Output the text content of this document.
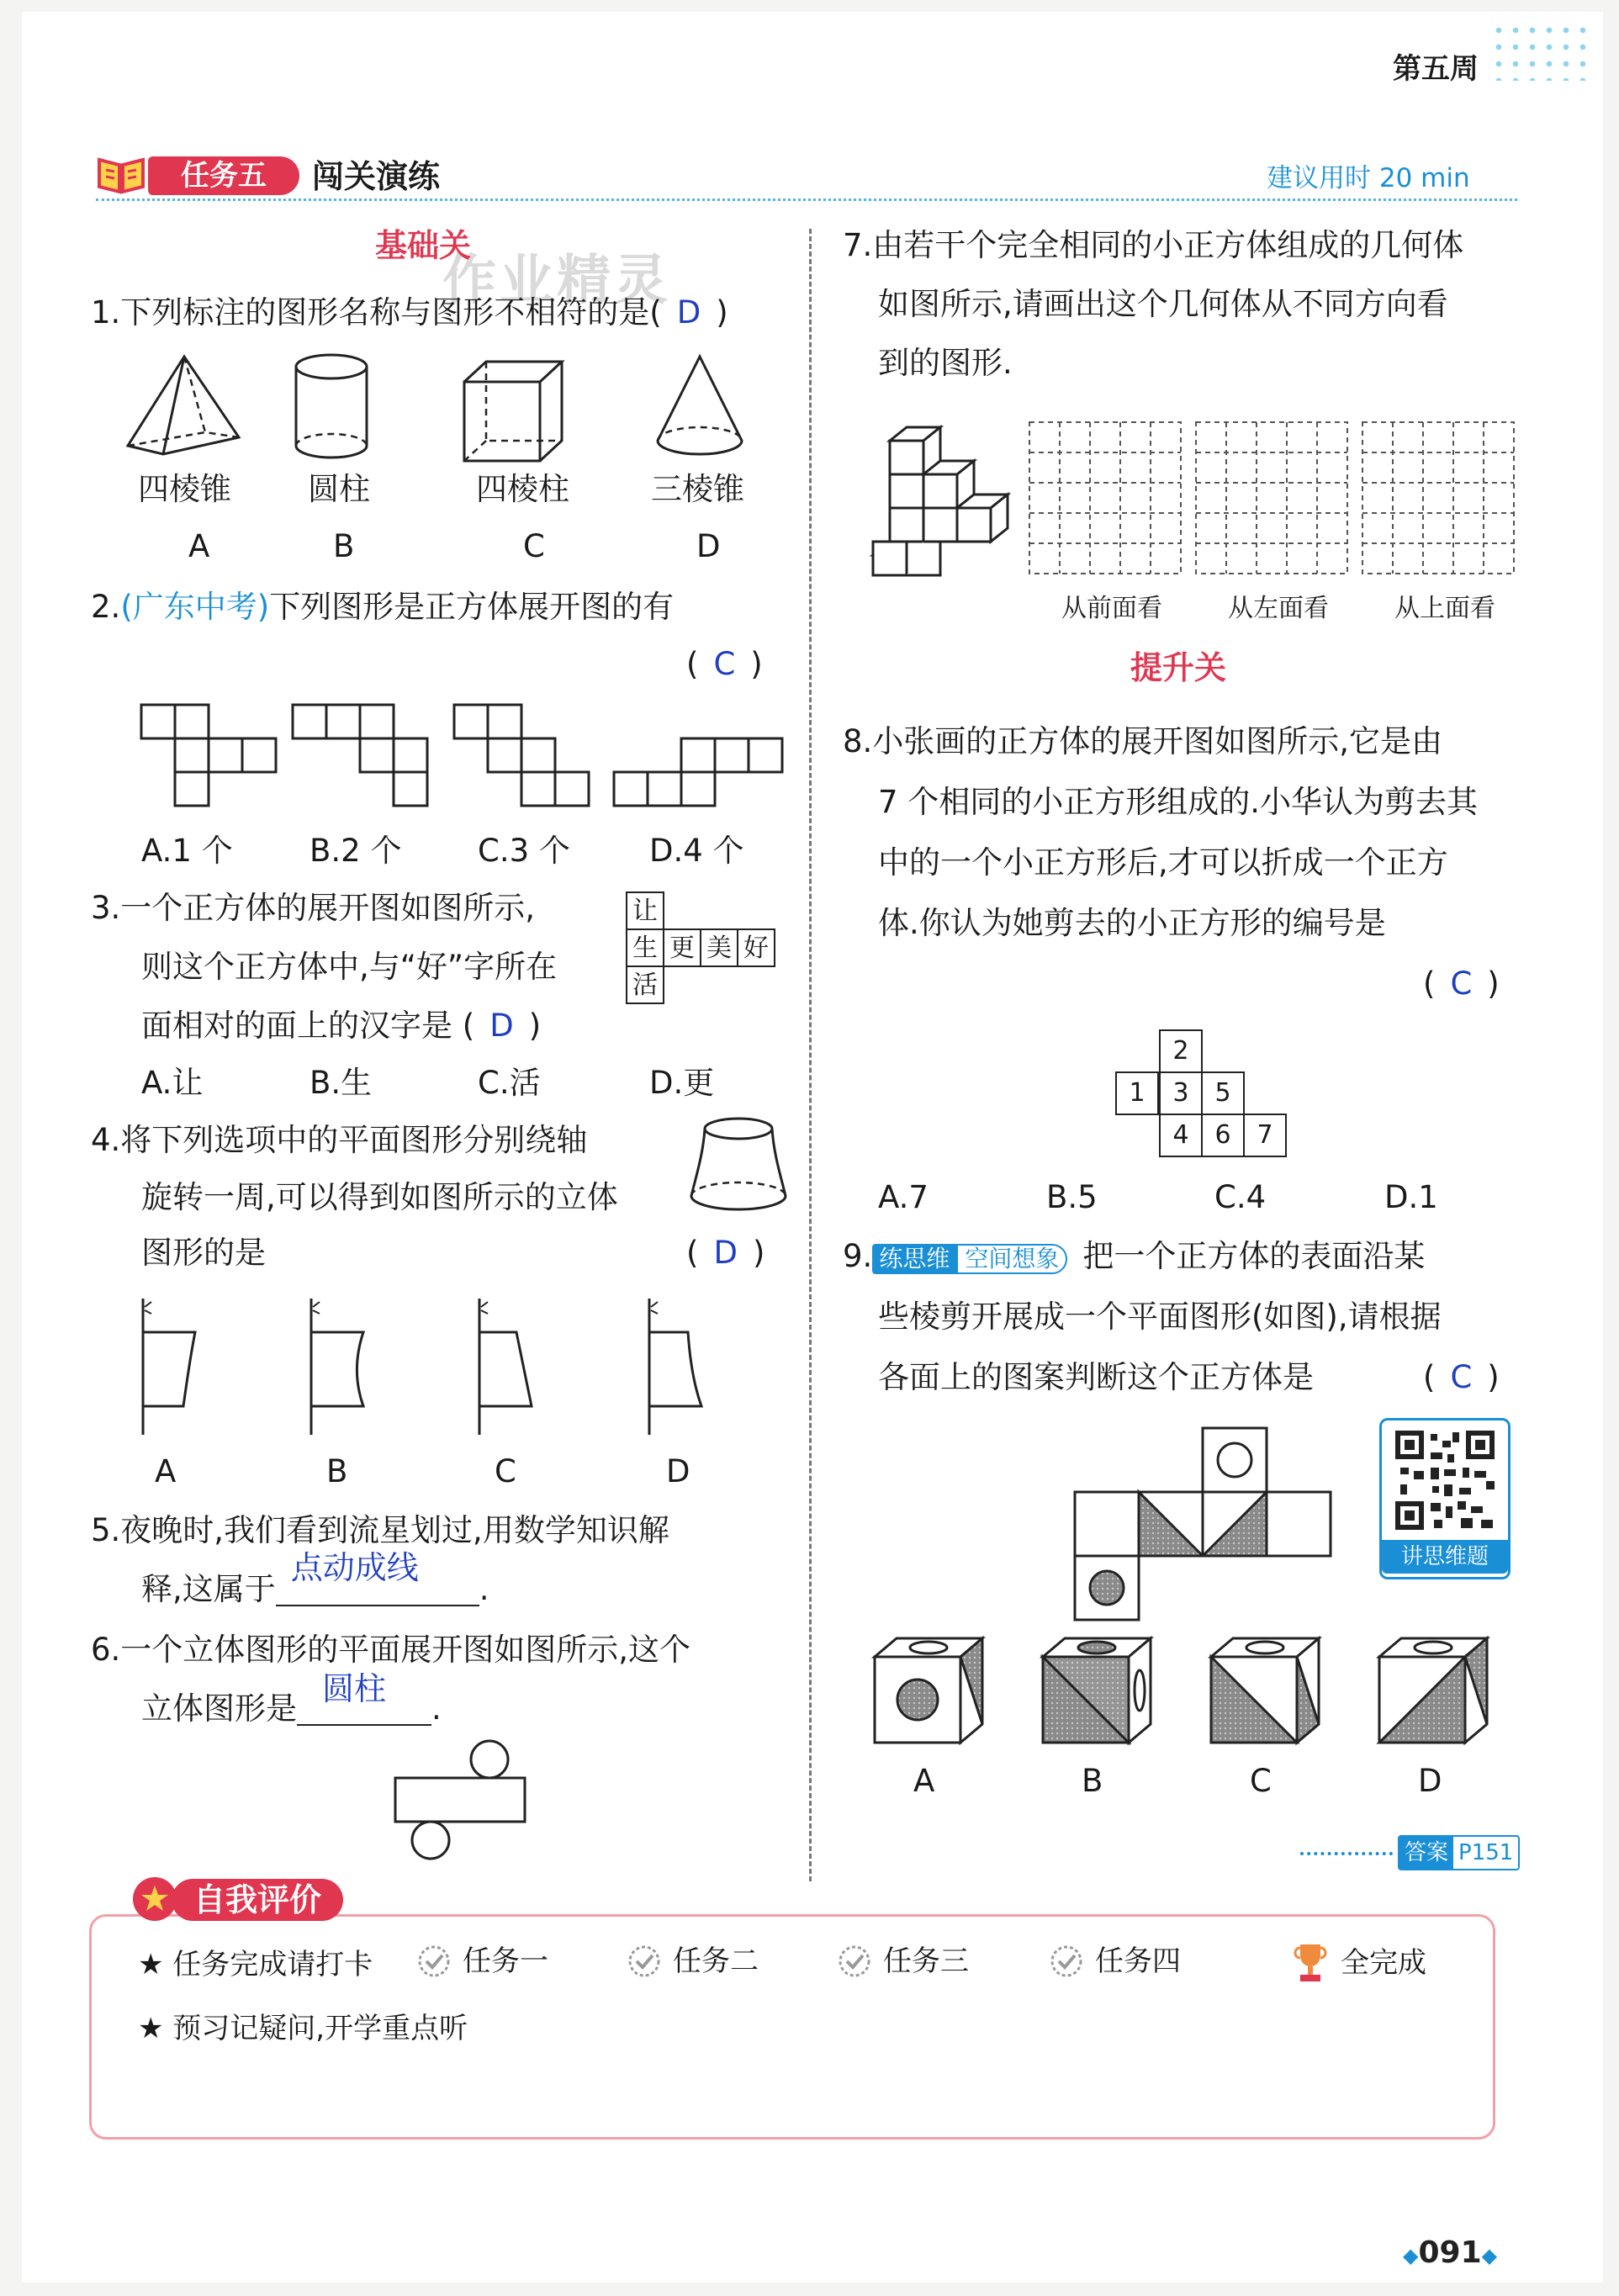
第五周
任务五	闯关演练	建议用时 20 min
作业精灵
基础关
1.下列标注的图形名称与图形不相符的是( D )
四棱锥 圆柱	四棱柱	三棱锥
A	B	C	D
2.(广东中考)下列图形是正方体展开图的有
( C )
A.1 个 B.2 个 C.3 个	D.4 个
3.一个正方体的展开图如图所示,
则这个正方体中,与“好”字所在
面相对的面上的汉字是 ( D )
让
生 更 美 好
活
A.让	B.生	C.活	D.更
4.将下列选项中的平面图形分别绕轴
旋转一周,可以得到如图所示的立体
图形的是	( D )
A	B	C	D
5.夜晚时,我们看到流星划过,用数学知识解
释,这属于
点动成线
.
6.一个立体图形的平面展开图如图所示,这个
立体图形是
圆柱
.
7.由若干个完全相同的小正方体组成的几何体
如图所示,请画出这个几何体从不同方向看
到的图形.
从前面看	从左面看	从上面看
提升关
8.小张画的正方体的展开图如图所示,它是由
7 个相同的小正方形组成的.小华认为剪去其
中的一个小正方形后,才可以折成一个正方
体.你认为她剪去的小正方形的编号是
( C )
2
1	3	5
4	6	7
A.7	B.5	C.4	D.1
9. 练思维 空间想象 把一个正方体的表面沿某
些棱剪开展成一个平面图形(如图),请根据
各面上的图案判断这个正方体是	( C )
讲思维题
A	B	C	D
答案 P151
自我评价
★ 任务完成请打卡	任务一	任务二	任务三	任务四	全完成
★ 预习记疑问,开学重点听
◆091◆
